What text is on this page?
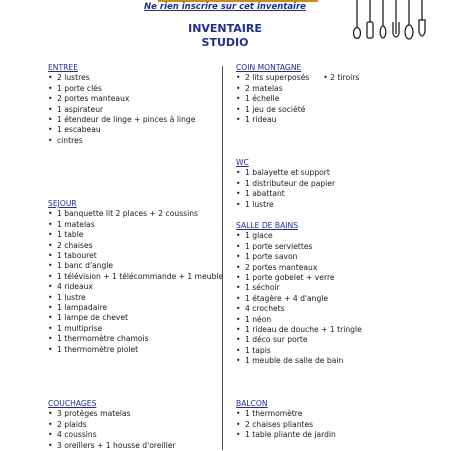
Ne rien inscrire sur cet inventaire
INVENTAIRE
STUDIO
ENTREE
• 2 lustres
• 1 porte clés
• 2 portes manteaux
• 1 aspirateur
• 1 étendeur de linge + pinces à linge
• 1 escabeau
• cintres
SEJOUR
• 1 banquette lit 2 places + 2 coussins
• 1 matelas
• 1 table
• 2 chaises
• 1 tabouret
• 1 banc d'angle
• 1 télévision + 1 télécommande + 1 meuble
• 4 rideaux
• 1 lustre
• 1 lampadaire
• 1 lampe de chevet
• 1 multiprise
• 1 thermomètre chamois
• 1 thermomètre piolet
COUCHAGES
• 3 protèges matelas
• 2 plaids
• 4 coussins
• 3 oreillers + 1 housse d'oreiller
COIN MONTAGNE
• 2 lits superposés • 2 tiroirs
• 2 matelas
• 1 échelle
• 1 jeu de société
• 1 rideau
WC
• 1 balayette et support
• 1 distributeur de papier
• 1 abattant
• 1 lustre
SALLE DE BAINS
• 1 glace
• 1 porte serviettes
• 1 porte savon
• 2 portes manteaux
• 1 porte gobelet + verre
• 1 séchoir
• 1 étagère + 4 d'angle
• 4 crochets
• 1 néon
• 1 rideau de douche + 1 tringle
• 1 déco sur porte
• 1 tapis
• 1 meuble de salle de bain
BALCON
• 1 thermomètre
• 2 chaises pliantes
• 1 table pliante de jardin
